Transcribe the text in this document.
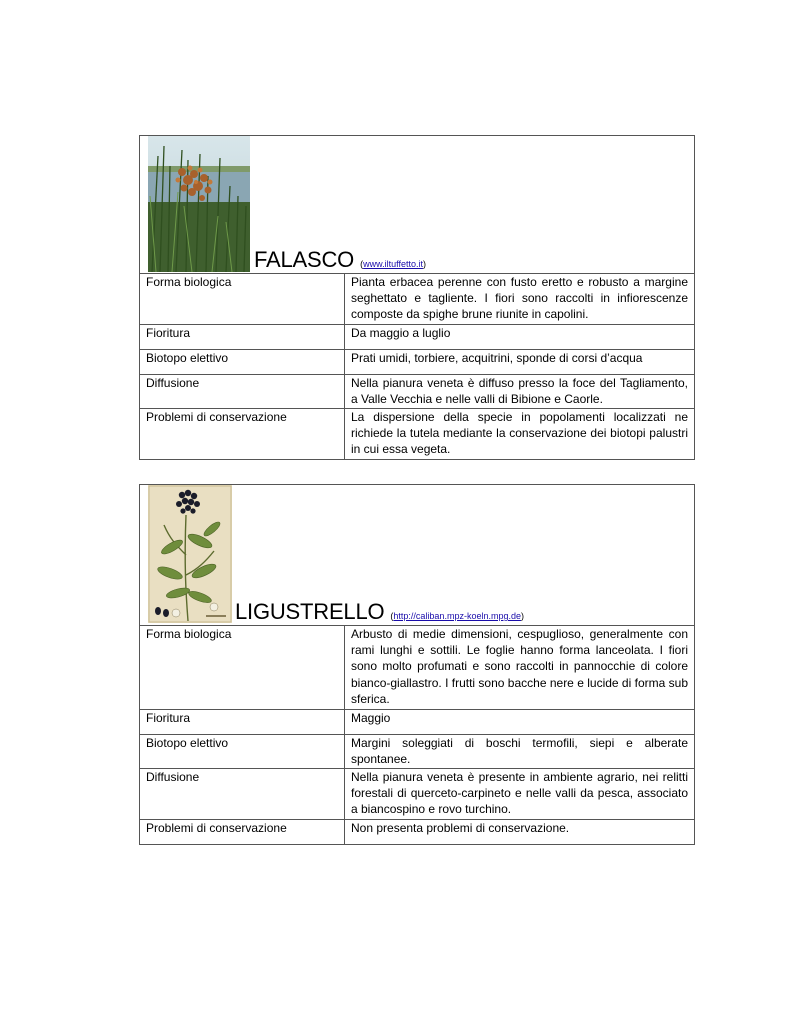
FALASCO (www.iltuffetto.it)
Forma biologica	Pianta erbacea perenne con fusto eretto e robusto a margine seghettato e tagliente. I fiori sono raccolti in infiorescenze composte da spighe brune riunite in capolini.
Fioritura	Da maggio a luglio
Biotopo elettivo	Prati umidi, torbiere, acquitrini, sponde di corsi d’acqua
Diffusione	Nella pianura veneta è diffuso presso la foce del Tagliamento, a Valle Vecchia e nelle valli di Bibione e Caorle.
Problemi di conservazione	La dispersione della specie in popolamenti localizzati ne richiede la tutela mediante la conservazione dei biotopi palustri in cui essa vegeta.
LIGUSTRELLO (http://caliban.mpz-koeln.mpg.de)
Forma biologica	Arbusto di medie dimensioni, cespuglioso, generalmente con rami lunghi e sottili. Le foglie hanno forma lanceolata. I fiori sono molto profumati e sono raccolti in pannocchie di colore bianco-giallastro. I frutti sono bacche nere e lucide di forma sub sferica.
Fioritura	Maggio
Biotopo elettivo	Margini soleggiati di boschi termofili, siepi e alberate spontanee.
Diffusione	Nella pianura veneta è presente in ambiente agrario, nei relitti forestali di querceto-carpineto e nelle valli da pesca, associato a biancospino e rovo turchino.
Problemi di conservazione	Non presenta problemi di conservazione.
